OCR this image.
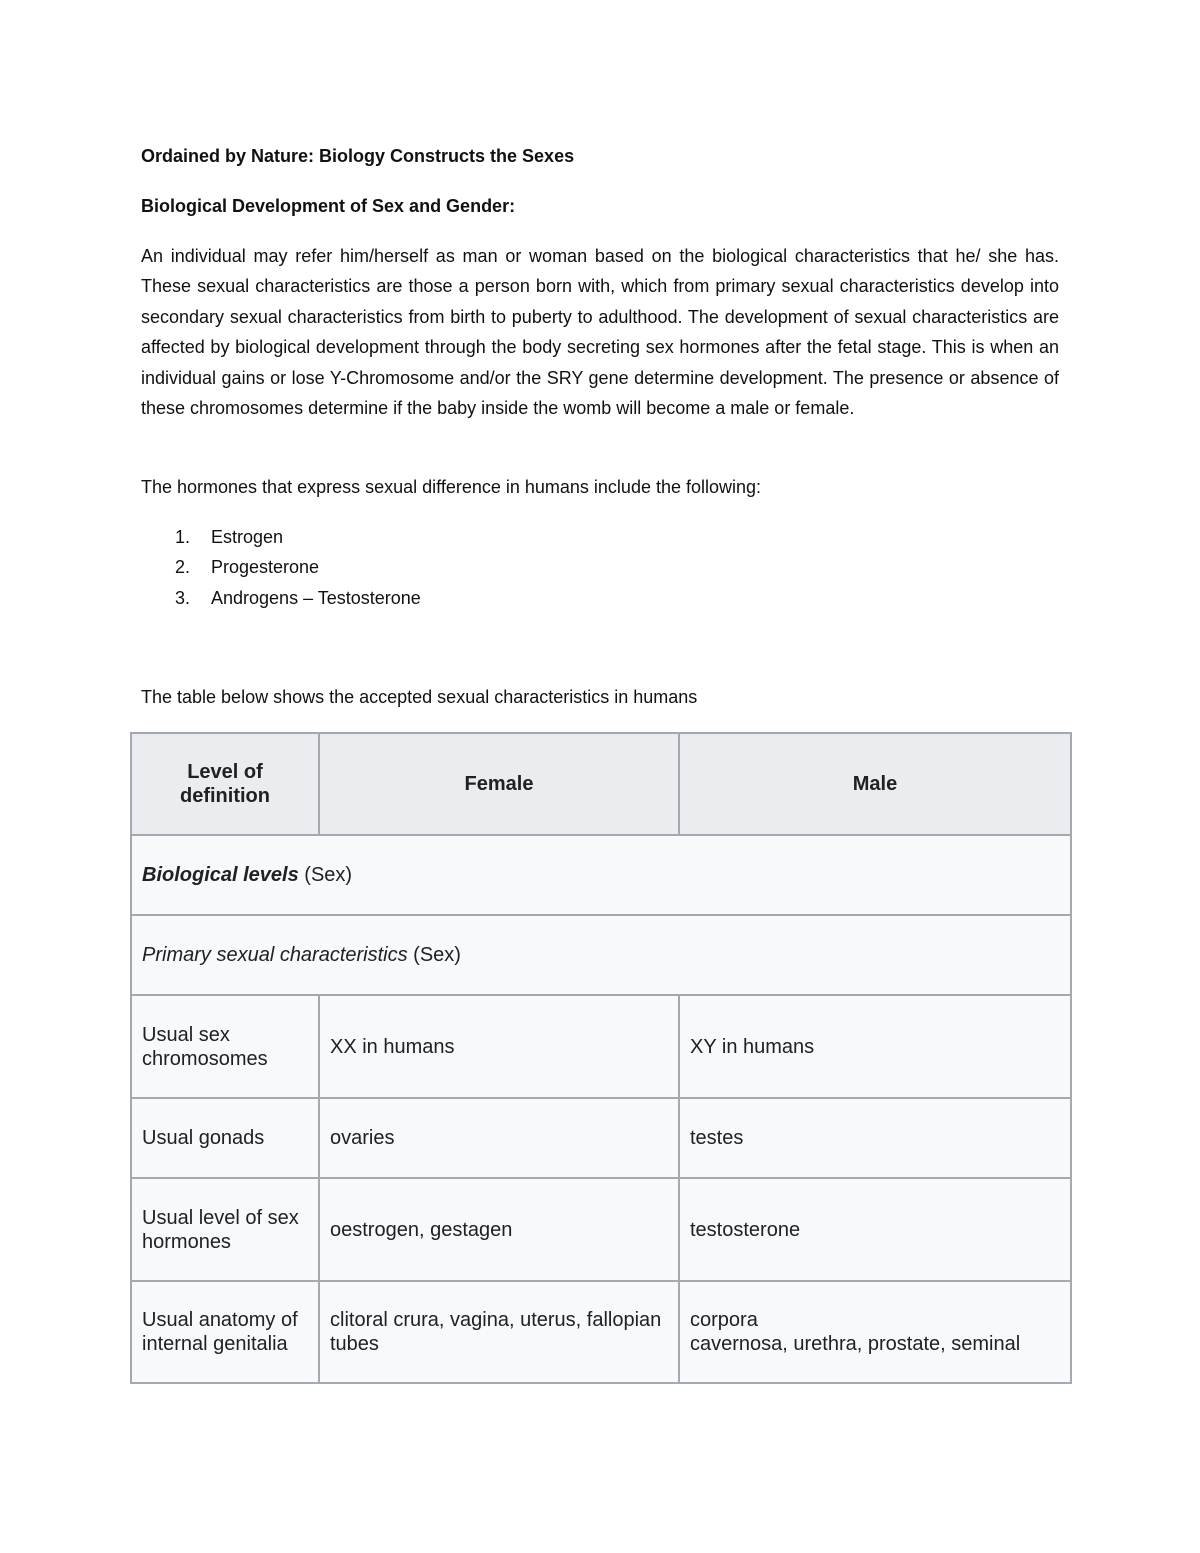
Ordained by Nature: Biology Constructs the Sexes
Biological Development of Sex and Gender:
An individual may refer him/herself as man or woman based on the biological characteristics that he/ she has. These sexual characteristics are those a person born with, which from primary sexual characteristics develop into secondary sexual characteristics from birth to puberty to adulthood. The development of sexual characteristics are affected by biological development through the body secreting sex hormones after the fetal stage. This is when an individual gains or lose Y-Chromosome and/or the SRY gene determine development. The presence or absence of these chromosomes determine if the baby inside the womb will become a male or female.
The hormones that express sexual difference in humans include the following:
1. Estrogen
2. Progesterone
3. Androgens – Testosterone
The table below shows the accepted sexual characteristics in humans
Level of definition	Female	Male
Biological levels (Sex)		
Primary sexual characteristics (Sex)		
Usual sex chromosomes	XX in humans	XY in humans
Usual gonads	ovaries	testes
Usual level of sex hormones	oestrogen, gestagen	testosterone
Usual anatomy of internal genitalia	clitoral crura, vagina, uterus, fallopian tubes	corpora
cavernosa, urethra, prostate, seminal
